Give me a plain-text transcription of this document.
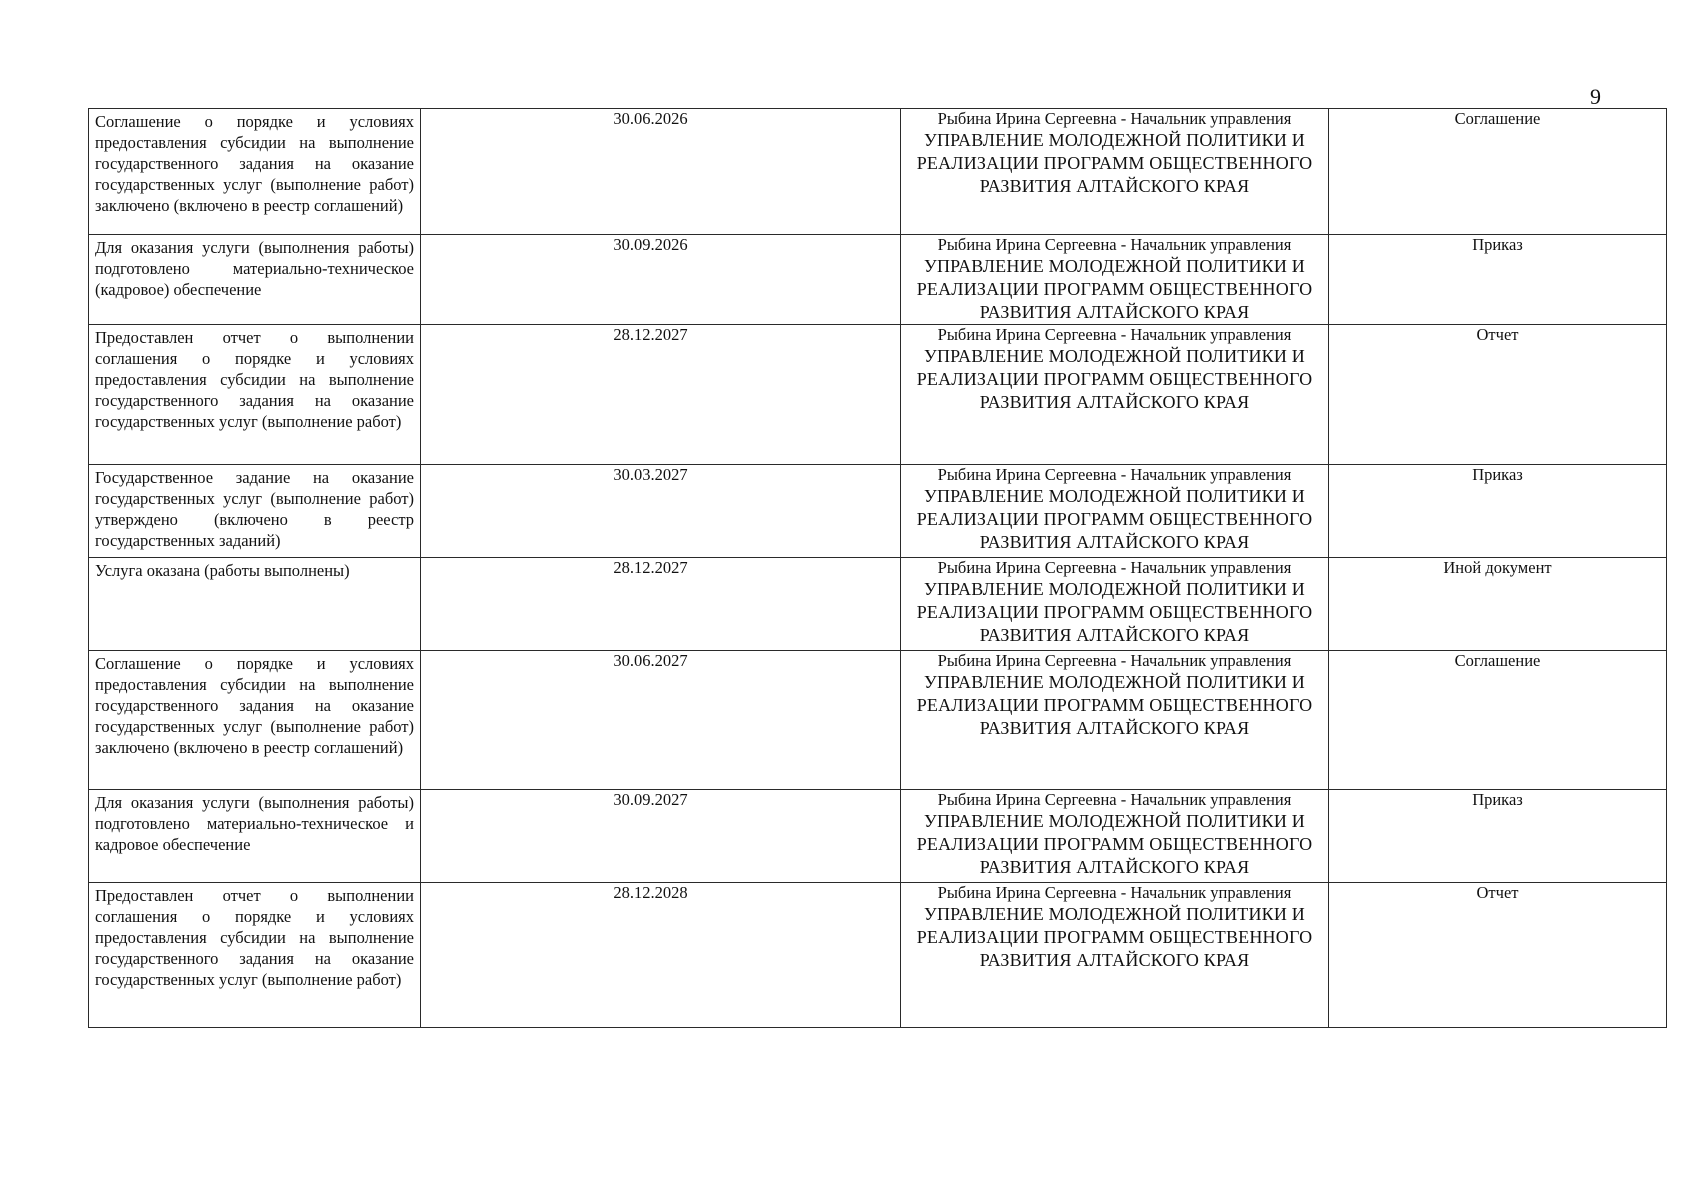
9
Соглашение о порядке и условиях предоставления субсидии на выполнение государственного задания на оказание государственных услуг (выполнение работ) заключено (включено в реестр соглашений)	30.06.2026	Рыбина Ирина Сергеевна - Начальник управления
УПРАВЛЕНИЕ МОЛОДЕЖНОЙ ПОЛИТИКИ И РЕАЛИЗАЦИИ ПРОГРАММ ОБЩЕСТВЕННОГО РАЗВИТИЯ АЛТАЙСКОГО КРАЯ	Соглашение

Для оказания услуги (выполнения работы) подготовлено материально-техническое (кадровое) обеспечение	30.09.2026	Рыбина Ирина Сергеевна - Начальник управления
УПРАВЛЕНИЕ МОЛОДЕЖНОЙ ПОЛИТИКИ И РЕАЛИЗАЦИИ ПРОГРАММ ОБЩЕСТВЕННОГО РАЗВИТИЯ АЛТАЙСКОГО КРАЯ	Приказ

Предоставлен отчет о выполнении соглашения о порядке и условиях предоставления субсидии на выполнение государственного задания на оказание государственных услуг (выполнение работ)	28.12.2027	Рыбина Ирина Сергеевна - Начальник управления
УПРАВЛЕНИЕ МОЛОДЕЖНОЙ ПОЛИТИКИ И РЕАЛИЗАЦИИ ПРОГРАММ ОБЩЕСТВЕННОГО РАЗВИТИЯ АЛТАЙСКОГО КРАЯ	Отчет

Государственное задание на оказание государственных услуг (выполнение работ) утверждено (включено в реестр государственных заданий)	30.03.2027	Рыбина Ирина Сергеевна - Начальник управления
УПРАВЛЕНИЕ МОЛОДЕЖНОЙ ПОЛИТИКИ И РЕАЛИЗАЦИИ ПРОГРАММ ОБЩЕСТВЕННОГО РАЗВИТИЯ АЛТАЙСКОГО КРАЯ	Приказ

Услуга оказана (работы выполнены)	28.12.2027	Рыбина Ирина Сергеевна - Начальник управления
УПРАВЛЕНИЕ МОЛОДЕЖНОЙ ПОЛИТИКИ И РЕАЛИЗАЦИИ ПРОГРАММ ОБЩЕСТВЕННОГО РАЗВИТИЯ АЛТАЙСКОГО КРАЯ	Иной документ

Соглашение о порядке и условиях предоставления субсидии на выполнение государственного задания на оказание государственных услуг (выполнение работ) заключено (включено в реестр соглашений)	30.06.2027	Рыбина Ирина Сергеевна - Начальник управления
УПРАВЛЕНИЕ МОЛОДЕЖНОЙ ПОЛИТИКИ И РЕАЛИЗАЦИИ ПРОГРАММ ОБЩЕСТВЕННОГО РАЗВИТИЯ АЛТАЙСКОГО КРАЯ	Соглашение

Для оказания услуги (выполнения работы) подготовлено материально-техническое и кадровое обеспечение	30.09.2027	Рыбина Ирина Сергеевна - Начальник управления
УПРАВЛЕНИЕ МОЛОДЕЖНОЙ ПОЛИТИКИ И РЕАЛИЗАЦИИ ПРОГРАММ ОБЩЕСТВЕННОГО РАЗВИТИЯ АЛТАЙСКОГО КРАЯ	Приказ

Предоставлен отчет о выполнении соглашения о порядке и условиях предоставления субсидии на выполнение государственного задания на оказание государственных услуг (выполнение работ)	28.12.2028	Рыбина Ирина Сергеевна - Начальник управления
УПРАВЛЕНИЕ МОЛОДЕЖНОЙ ПОЛИТИКИ И РЕАЛИЗАЦИИ ПРОГРАММ ОБЩЕСТВЕННОГО РАЗВИТИЯ АЛТАЙСКОГО КРАЯ	Отчет
